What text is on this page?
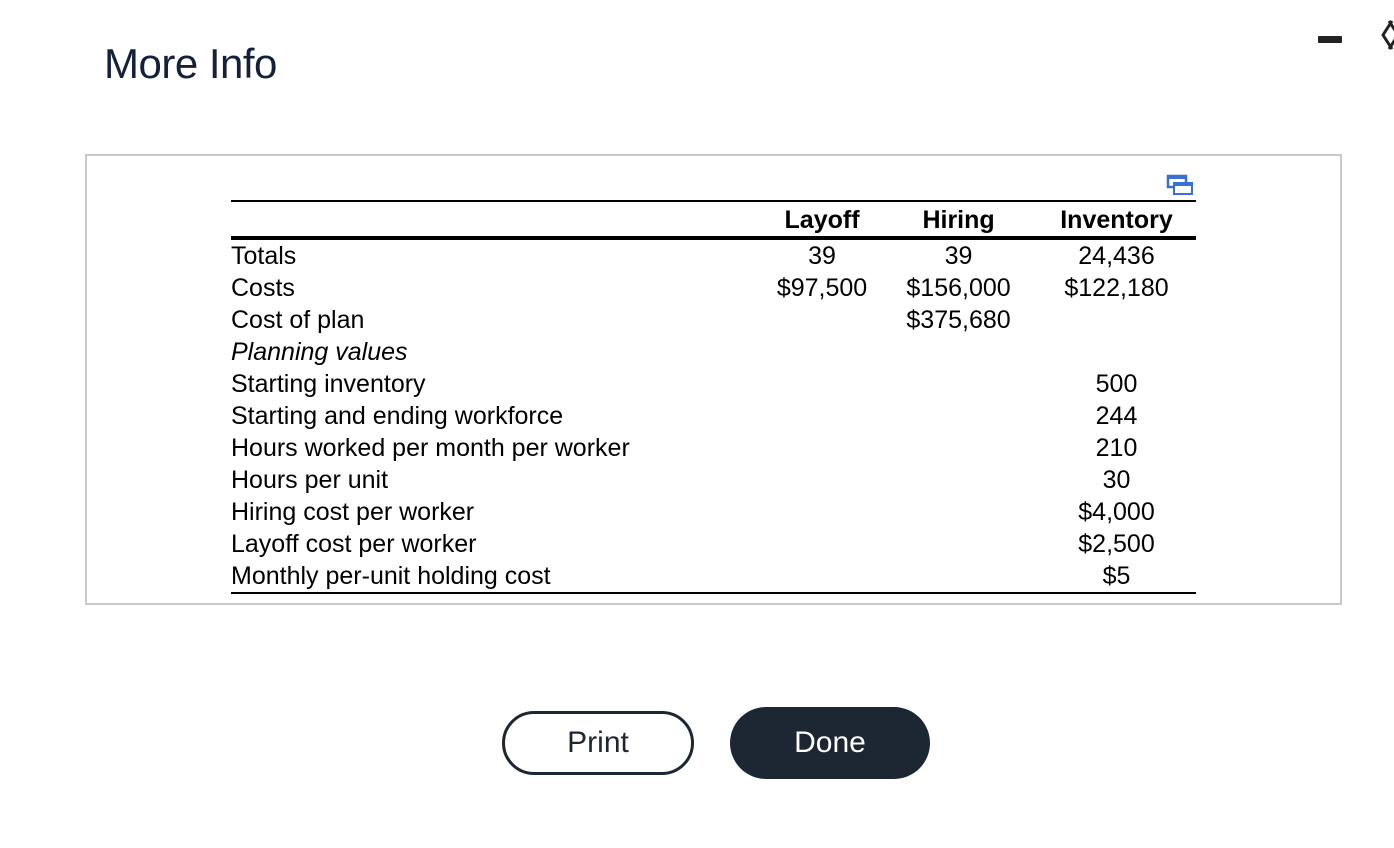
More Info
	Layoff	Hiring	Inventory
Totals	39	39	24,436
Costs	$97,500	$156,000	$122,180
Cost of plan		$375,680	
Planning values			
Starting inventory			500
Starting and ending workforce			244
Hours worked per month per worker			210
Hours per unit			30
Hiring cost per worker			$4,000
Layoff cost per worker			$2,500
Monthly per-unit holding cost			$5
Print	Done
